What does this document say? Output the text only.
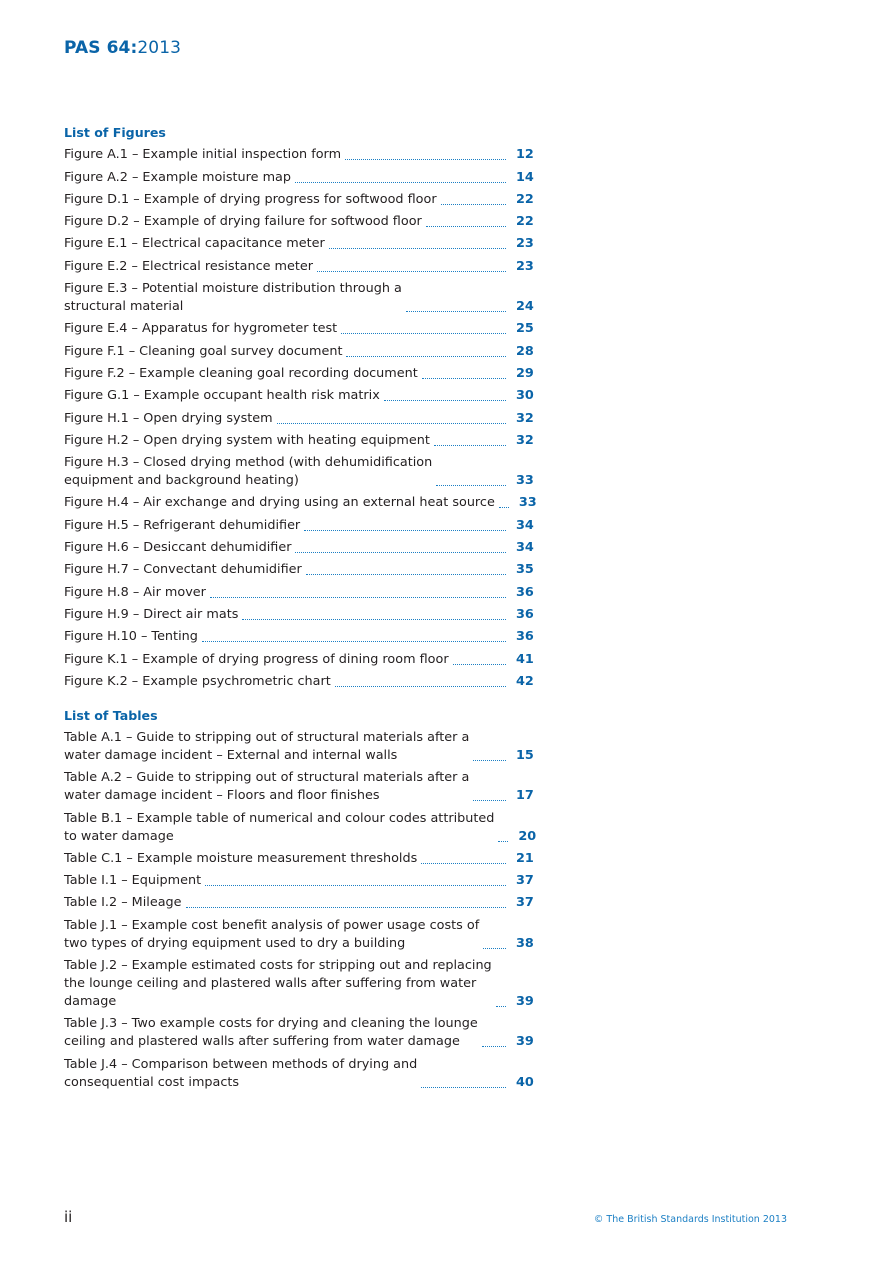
PAS 64:2013
List of Figures
Figure A.1 – Example initial inspection form	12
Figure A.2 – Example moisture map	14
Figure D.1 – Example of drying progress for softwood floor	22
Figure D.2 – Example of drying failure for softwood floor	22
Figure E.1 – Electrical capacitance meter	23
Figure E.2 – Electrical resistance meter	23
Figure E.3 – Potential moisture distribution through a
structural material	24
Figure E.4 – Apparatus for hygrometer test	25
Figure F.1 – Cleaning goal survey document	28
Figure F.2 – Example cleaning goal recording document	29
Figure G.1 – Example occupant health risk matrix	30
Figure H.1 – Open drying system	32
Figure H.2 – Open drying system with heating equipment	32
Figure H.3 – Closed drying method (with dehumidification
equipment and background heating)	33
Figure H.4 – Air exchange and drying using an external heat source 33
Figure H.5 – Refrigerant dehumidifier	34
Figure H.6 – Desiccant dehumidifier	34
Figure H.7 – Convectant dehumidifier	35
Figure H.8 – Air mover	36
Figure H.9 – Direct air mats	36
Figure H.10 – Tenting	36
Figure K.1 – Example of drying progress of dining room floor	41
Figure K.2 – Example psychrometric chart	42
List of Tables
Table A.1 – Guide to stripping out of structural materials after a
water damage incident – External and internal walls	15
Table A.2 – Guide to stripping out of structural materials after a
water damage incident – Floors and floor finishes	17
Table B.1 – Example table of numerical and colour codes attributed
to water damage	20
Table C.1 – Example moisture measurement thresholds	21
Table I.1 – Equipment	37
Table I.2 – Mileage	37
Table J.1 – Example cost benefit analysis of power usage costs of
two types of drying equipment used to dry a building	38
Table J.2 – Example estimated costs for stripping out and replacing
the lounge ceiling and plastered walls after suffering from water
damage	39
Table J.3 – Two example costs for drying and cleaning the lounge
ceiling and plastered walls after suffering from water damage	39
Table J.4 – Comparison between methods of drying and
consequential cost impacts	40
ii	© The British Standards Institution 2013
